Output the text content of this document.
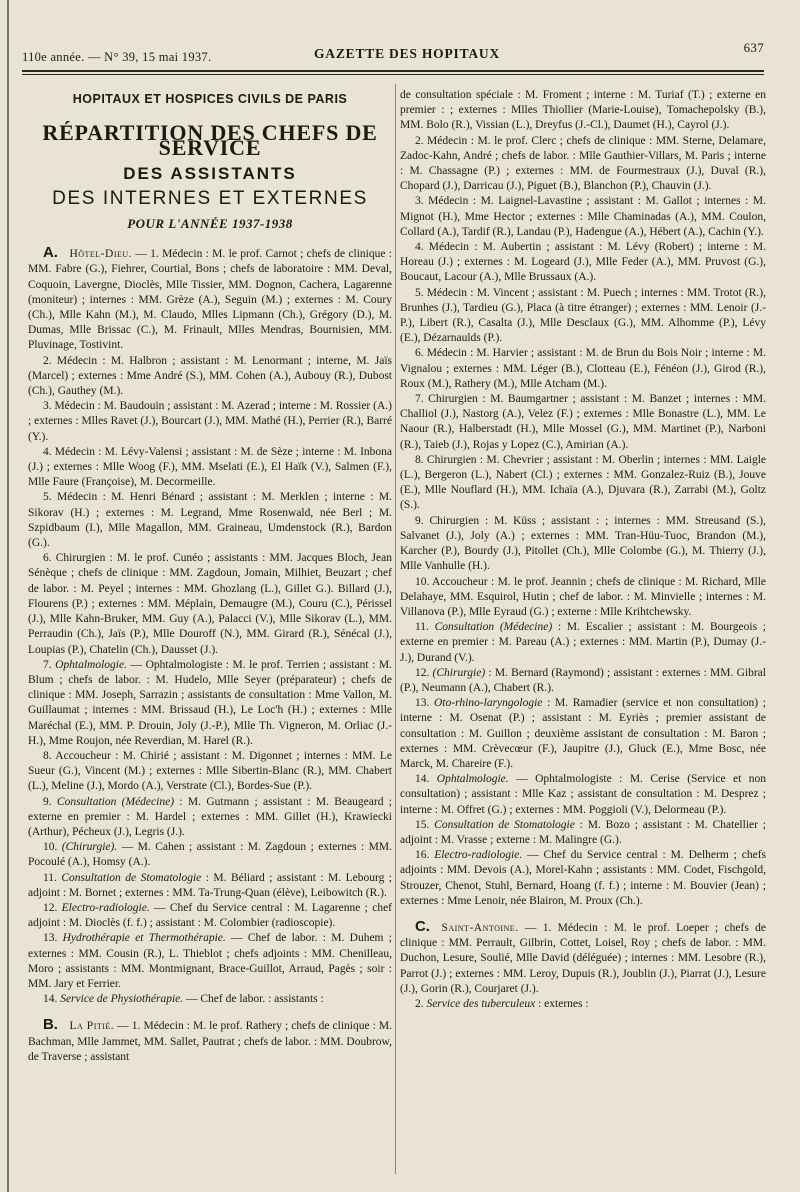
110e année. — N° 39, 15 mai 1937.	GAZETTE DES HOPITAUX	637
HOPITAUX ET HOSPICES CIVILS DE PARIS
RÉPARTITION DES CHEFS DE SERVICE
DES ASSISTANTS
DES INTERNES ET EXTERNES
POUR L'ANNÉE 1937-1938

A.  Hôtel-Dieu. — 1. Médecin : M. le prof. Carnot ; chefs de clinique : MM. Fabre (G.), Fiehrer, Courtial, Bons ; chefs de laboratoire : MM. Deval, Coquoin, Lavergne, Dioclès, Mlle Tissier, MM. Dognon, Cachera, Lagarenne (moniteur) ; internes : MM. Grèze (A.), Seguin (M.) ; externes : M. Coury (Ch.), Mlle Kahn (M.), M. Claudo, Mlles Lipmann (Ch.), Grégory (D.), M. Dumas, Mlle Brissac (C.), M. Frinault, Mlles Mendras, Bournisien, MM. Pluvinage, Tostivint.

2. Médecin : M. Halbron ; assistant : M. Lenormant ; interne, M. Jaïs (Marcel) ; externes : Mme André (S.), MM. Cohen (A.), Aubouy (R.), Dubost (Ch.), Gauthey (M.).

3. Médecin : M. Baudouin ; assistant : M. Azerad ; interne : M. Rossier (A.) ; externes : Mlles Ravet (J.), Bourcart (J.), MM. Mathé (H.), Perrier (R.), Barré (Y.).

4. Médecin : M. Lévy-Valensi ; assistant : M. de Sèze ; interne : M. Inbona (J.) ; externes : Mlle Woog (F.), MM. Mselati (E.), El Haïk (V.), Salmen (F.), Mlle Faure (Françoise), M. Decormeille.

5. Médecin : M. Henri Bénard ; assistant : M. Merklen ; interne : M. Sikorav (H.) ; externes : M. Legrand, Mme Rosenwald, née Berl ; M. Szpidbaum (I.), Mlle Magallon, MM. Graineau, Umdenstock (R.), Bardon (G.).

6. Chirurgien : M. le prof. Cunéo ; assistants : MM. Jacques Bloch, Jean Sénèque ; chefs de clinique : MM. Zagdoun, Jomain, Milhiet, Beuzart ; chef de labor. : M. Peyel ; internes : MM. Ghozlang (L.), Gillet G.). Billard (J.), Flourens (P.) ; externes : MM. Méplain, Demaugre (M.), Couru (C.), Périssel (J.), Mlle Kahn-Bruker, MM. Guy (A.), Palacci (V.), Mlle Sikorav (L.), MM. Perraudin (Ch.), Jaïs (P.), Mlle Douroff (N.), MM. Girard (R.), Sénécal (J.), Loupias (P.), Chatelin (Ch.), Dausset (J.).

7. Ophtalmologie. — Ophtalmologiste : M. le prof. Terrien ; assistant : M. Blum ; chefs de labor. : M. Hudelo, Mlle Seyer (préparateur) ; chefs de clinique : MM. Joseph, Sarrazin ; assistants de consultation : Mme Vallon, M. Guillaumat ; internes : MM. Brissaud (H.), Le Loc'h (H.) ; externes : Mlle Maréchal (E.), MM. P. Drouin, Joly (J.-P.), Mlle Th. Vigneron, M. Orliac (J.-H.), Mme Roujon, née Reverdian, M. Harel (R.).

8. Accoucheur : M. Chirié ; assistant : M. Digonnet ; internes : MM. Le Sueur (G.), Vincent (M.) ; externes : Mlle Sibertin-Blanc (R.), MM. Chabert (L.), Meline (J.), Mordo (A.), Verstrate (Cl.), Bordes-Sue (P.).

9. Consultation (Médecine) : M. Gutmann ; assistant : M. Beaugeard ; externe en premier : M. Hardel ; externes : MM. Gillet (H.), Krawiecki (Arthur), Pécheux (J.), Legris (J.).

10. (Chirurgie). — M. Cahen ; assistant : M. Zagdoun ; externes : MM. Pocoulé (A.), Homsy (A.).

11. Consultation de Stomatologie : M. Béliard ; assistant : M. Lebourg ; adjoint : M. Bornet ; externes : MM. Ta-Trung-Quan (élève), Leibowitch (R.).

12. Electro-radiologie. — Chef du Service central : M. Lagarenne ; chef adjoint : M. Dioclès (f. f.) ; assistant : M. Colombier (radioscopie).

13. Hydrothérapie et Thermothérapie. — Chef de labor. : M. Duhem ; externes : MM. Cousin (R.), L. Thieblot ; chefs adjoints : MM. Chenilleau, Moro ; assistants : MM. Montmignant, Brace-Guillot, Arraud, Pagès ; soir : MM. Jary et Ferrier.

14. Service de Physiothérapie. — Chef de labor. : assistants :

B.  La Pitié. — 1. Médecin : M. le prof. Rathery ; chefs de clinique : M. Bachman, Mlle Jammet, MM. Sallet, Pautrat ; chefs de labor. : MM. Doubrow, de Traverse ; assistant

de consultation spéciale : M. Froment ; interne : M. Turiaf (T.) ; externe en premier : ; externes : Mlles Thiollier (Marie-Louise), Tomachepolsky (B.), MM. Bolo (R.), Vissian (L.), Dreyfus (J.-Cl.), Daumet (H.), Cayrol (J.).

2. Médecin : M. le prof. Clerc ; chefs de clinique : MM. Sterne, Delamare, Zadoc-Kahn, André ; chefs de labor. : Mlle Gauthier-Villars, M. Paris ; interne : M. Chassagne (P.) ; externes : MM. de Fourmestraux (J.), Duval (R.), Chopard (J.), Darricau (J.), Piguet (B.), Blanchon (P.), Chauvin (J.).

3. Médecin : M. Laignel-Lavastine ; assistant : M. Gallot ; internes : M. Mignot (H.), Mme Hector ; externes : Mlle Chaminadas (A.), MM. Coulon, Collard (A.), Tardif (R.), Landau (P.), Hadengue (A.), Hébert (A.), Cachin (Y.).

4. Médecin : M. Aubertin ; assistant : M. Lévy (Robert) ; interne : M. Horeau (J.) ; externes : M. Logeard (J.), Mlle Feder (A.), MM. Pruvost (G.), Boucaut, Lacour (A.), Mlle Brussaux (A.).

5. Médecin : M. Vincent ; assistant : M. Puech ; internes : MM. Trotot (R.), Brunhes (J.), Tardieu (G.), Placa (à titre étranger) ; externes : MM. Lenoir (J.-P.), Libert (R.), Casalta (J.), Mlle Desclaux (G.), MM. Alhomme (P.), Lévy (E.), Dézarnaulds (P.).

6. Médecin : M. Harvier ; assistant : M. de Brun du Bois Noir ; interne : M. Vignalou ; externes : MM. Léger (B.), Clotteau (E.), Fénéon (J.), Girod (R.), Roux (M.), Rathery (M.), Mlle Atcham (M.).

7. Chirurgien : M. Baumgartner ; assistant : M. Banzet ; internes : MM. Challiol (J.), Nastorg (A.), Velez (F.) ; externes : Mlle Bonastre (L.), MM. Le Naour (R.), Halberstadt (H.), Mlle Mossel (G.), MM. Martinet (P.), Narboni (R.), Taieb (J.), Rojas y Lopez (C.), Amirian (A.).

8. Chirurgien : M. Chevrier ; assistant : M. Oberlin ; internes : MM. Laigle (L.), Bergeron (L.), Nabert (Cl.) ; externes : MM. Gonzalez-Ruiz (B.), Jouve (E.), Mlle Nouflard (H.), MM. Ichaïa (A.), Djuvara (R.), Zarrabi (M.), Goltz (S.).

9. Chirurgien : M. Küss ; assistant : ; internes : MM. Streusand (S.), Salvanet (J.), Joly (A.) ; externes : MM. Tran-Hüu-Tuoc, Brandon (M.), Karcher (P.), Bourdy (J.), Pitollet (Ch.), Mlle Colombe (G.), M. Thierry (J.), Mlle Vanhulle (H.).

10. Accoucheur : M. le prof. Jeannin ; chefs de clinique : M. Richard, Mlle Delahaye, MM. Esquirol, Hutin ; chef de labor. : M. Minvielle ; internes : M. Villanova (P.), Mlle Eyraud (G.) ; externe : Mlle Krihtchewsky.

11. Consultation (Médecine) : M. Escalier ; assistant : M. Bourgeois ; externe en premier : M. Pareau (A.) ; externes : MM. Martin (P.), Dumay (J.-J.), Durand (V.).

12. (Chirurgie) : M. Bernard (Raymond) ; assistant : externes : MM. Gibral (P.), Neumann (A.), Chabert (R.).

13. Oto-rhino-laryngologie : M. Ramadier (service et non consultation) ; interne : M. Osenat (P.) ; assistant : M. Eyriès ; premier assistant de consultation : M. Guillon ; deuxième assistant de consultation : M. Baron ; externes : MM. Crèvecœur (F.), Jaupitre (J.), Gluck (E.), Mme Bosc, née Marck, M. Chareire (F.).

14. Ophtalmologie. — Ophtalmologiste : M. Cerise (Service et non consultation) ; assistant : Mlle Kaz ; assistant de consultation : M. Desprez ; interne : M. Offret (G.) ; externes : MM. Poggioli (V.), Delormeau (P.).

15. Consultation de Stomatologie : M. Bozo ; assistant : M. Chatellier ; adjoint : M. Vrasse ; externe : M. Malingre (G.).

16. Electro-radiologie. — Chef du Service central : M. Delherm ; chefs adjoints : MM. Devois (A.), Morel-Kahn ; assistants : MM. Codet, Fischgold, Strouzer, Chenot, Stuhl, Bernard, Hoang (f. f.) ; interne : M. Bouvier (Jean) ; externes : Mme Lenoir, née Blairon, M. Proux (Ch.).

C.  Saint-Antoine. — 1. Médecin : M. le prof. Loeper ; chefs de clinique : MM. Perrault, Gilbrin, Cottet, Loisel, Roy ; chefs de labor. : MM. Duchon, Lesure, Soulié, Mlle David (déléguée) ; internes : MM. Lesobre (R.), Parrot (J.) ; externes : MM. Leroy, Dupuis (R.), Joublin (J.), Piarrat (J.), Lesure (J.), Gorin (R.), Courjaret (J.).

2. Service des tuberculeux : externes :
